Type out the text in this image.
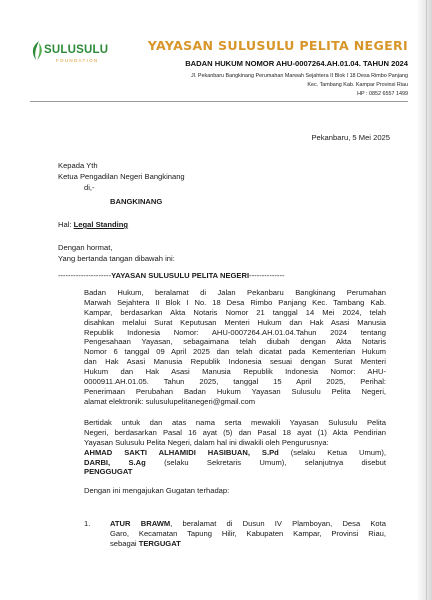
SULUSULU
FOUNDATION
YAYASAN SULUSULU PELITA NEGERI
BADAN HUKUM NOMOR AHU-0007264.AH.01.04. TAHUN 2024
Jl. Pekanbaru Bangkinang Perumahan Marwah Sejahtera II Blok I 18 Desa Rimbo Panjang
Kec. Tambang Kab. Kampar Provinsi Riau
HP : 0852 6557 1499
Pekanbaru, 5 Mei 2025
Kepada Yth
Ketua Pengadilan Negeri Bangkinang
di,-
BANGKINANG
Hal: Legal Standing
Dengan hormat,
Yang bertanda tangan dibawah ini:
---------------------YAYASAN SULUSULU PELITA NEGERI--------------
Badan Hukum, beralamat di Jalan Pekanbaru Bangkinang Perumahan
Marwah Sejahtera II Blok I No. 18 Desa Rimbo Panjang Kec. Tambang Kab.
Kampar, berdasarkan Akta Notaris Nomor 21 tanggal 14 Mei 2024, telah
disahkan melalui Surat Keputusan Menteri Hukum dan Hak Asasi Manusia
Republik Indonesia Nomor: AHU-0007264.AH.01.04.Tahun 2024 tentang
Pengesahaan Yayasan, sebagaimana telah diubah dengan Akta Notaris
Nomor 6 tanggal 09 April 2025 dan telah dicatat pada Kementerian Hukum
dan Hak Asasi Manusia Republik Indonesia sesuai dengan Surat Menteri
Hukum dan Hak Asasi Manusia Republik Indonesia Nomor: AHU-
0000911.AH.01.05. Tahun 2025, tanggal 15 April 2025, Perihal:
Penerimaan Perubahan Badan Hukum Yayasan Sulusulu Pelita Negeri,
alamat elektronik: sulusulupelitanegeri@gmail.com
Bertidak untuk dan atas nama serta mewakili Yayasan Sulusulu Pelita
Negeri, berdasarkan Pasal 16 ayat (5) dan Pasal 18 ayat (1) Akta Pendirian
Yayasan Sulusulu Pelita Negeri, dalam hal ini diwakili oleh Pengurusnya:
AHMAD SAKTI ALHAMIDI HASIBUAN, S.Pd (selaku Ketua Umum),
DARBI, S.Ag (selaku Sekretaris Umum), selanjutnya disebut
PENGGUGAT
Dengan ini mengajukan Gugatan terhadap:
1.	ATUR BRAWM, beralamat di Dusun IV Plamboyan, Desa Kota
Garo, Kecamatan Tapung Hilir, Kabupaten Kampar, Provinsi Riau,
sebagai TERGUGAT
